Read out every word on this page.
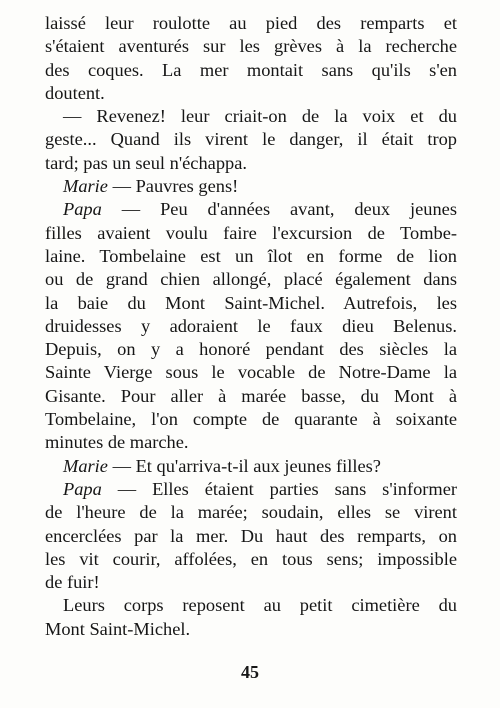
laissé leur roulotte au pied des remparts et
s'étaient aventurés sur les grèves à la recherche
des coques. La mer montait sans qu'ils s'en
doutent.
— Revenez! leur criait-on de la voix et du
geste... Quand ils virent le danger, il était trop
tard; pas un seul n'échappa.
Marie — Pauvres gens!
Papa — Peu d'années avant, deux jeunes
filles avaient voulu faire l'excursion de Tombe-
laine. Tombelaine est un îlot en forme de lion
ou de grand chien allongé, placé également dans
la baie du Mont Saint-Michel. Autrefois, les
druidesses y adoraient le faux dieu Belenus.
Depuis, on y a honoré pendant des siècles la
Sainte Vierge sous le vocable de Notre-Dame la
Gisante. Pour aller à marée basse, du Mont à
Tombelaine, l'on compte de quarante à soixante
minutes de marche.
Marie — Et qu'arriva-t-il aux jeunes filles?
Papa — Elles étaient parties sans s'informer
de l'heure de la marée; soudain, elles se virent
encerclées par la mer. Du haut des remparts, on
les vit courir, affolées, en tous sens; impossible
de fuir!
Leurs corps reposent au petit cimetière du
Mont Saint-Michel.
45
